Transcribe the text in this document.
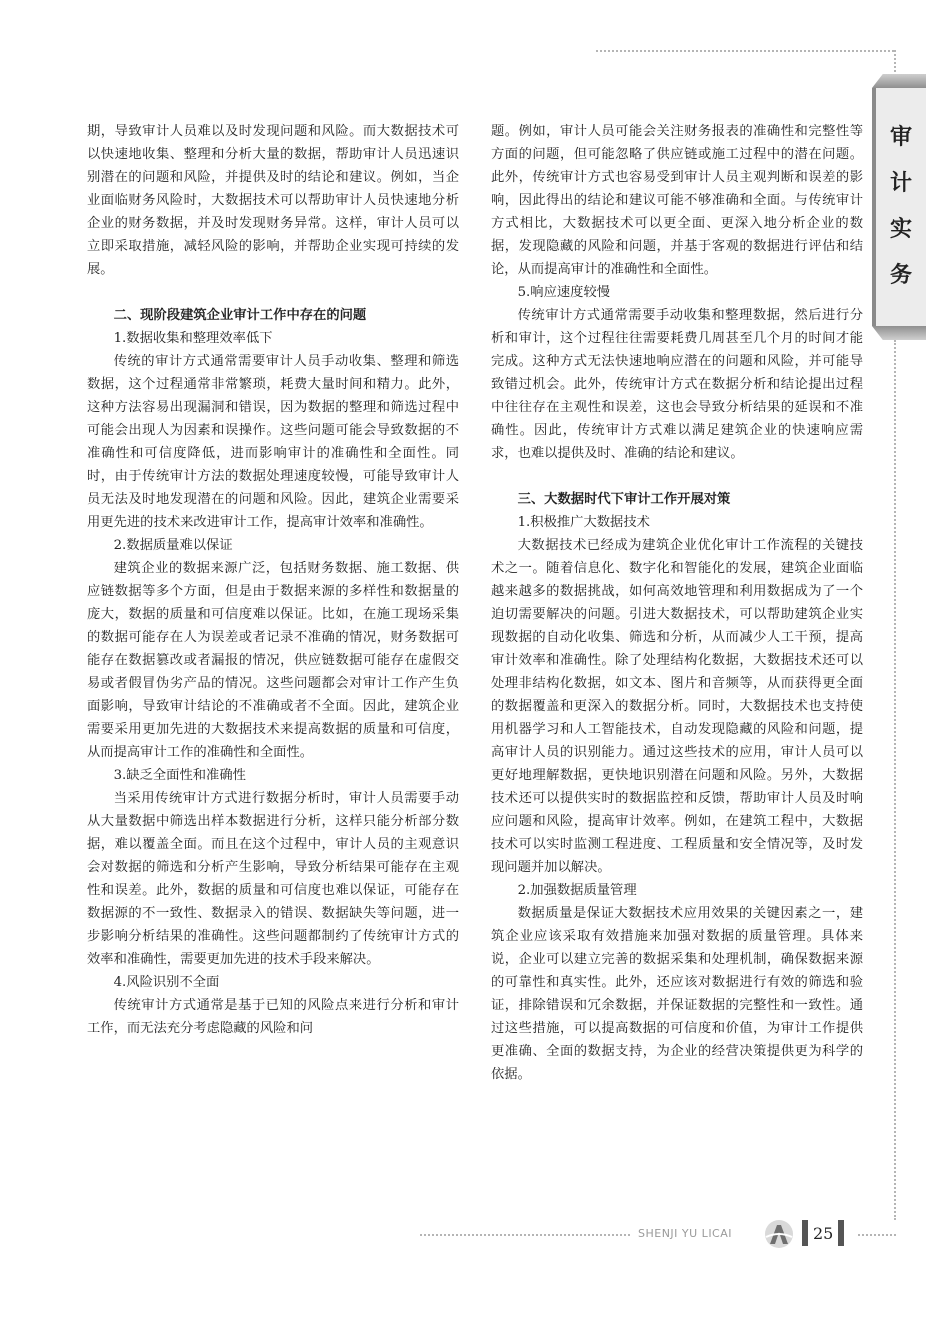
审
计
实
务

期，导致审计人员难以及时发现问题和风险。而大数据技术可以快速地收集、整理和分析大量的数据，帮助审计人员迅速识别潜在的问题和风险，并提供及时的结论和建议。例如，当企业面临财务风险时，大数据技术可以帮助审计人员快速地分析企业的财务数据，并及时发现财务异常。这样，审计人员可以立即采取措施，减轻风险的影响，并帮助企业实现可持续的发展。

二、现阶段建筑企业审计工作中存在的问题
1.数据收集和整理效率低下

传统的审计方式通常需要审计人员手动收集、整理和筛选数据，这个过程通常非常繁琐，耗费大量时间和精力。此外，这种方法容易出现漏洞和错误，因为数据的整理和筛选过程中可能会出现人为因素和误操作。这些问题可能会导致数据的不准确性和可信度降低，进而影响审计的准确性和全面性。同时，由于传统审计方法的数据处理速度较慢，可能导致审计人员无法及时地发现潜在的问题和风险。因此，建筑企业需要采用更先进的技术来改进审计工作，提高审计效率和准确性。

2.数据质量难以保证

建筑企业的数据来源广泛，包括财务数据、施工数据、供应链数据等多个方面，但是由于数据来源的多样性和数据量的庞大，数据的质量和可信度难以保证。比如，在施工现场采集的数据可能存在人为误差或者记录不准确的情况，财务数据可能存在数据篡改或者漏报的情况，供应链数据可能存在虚假交易或者假冒伪劣产品的情况。这些问题都会对审计工作产生负面影响，导致审计结论的不准确或者不全面。因此，建筑企业需要采用更加先进的大数据技术来提高数据的质量和可信度，从而提高审计工作的准确性和全面性。

3.缺乏全面性和准确性

当采用传统审计方式进行数据分析时，审计人员需要手动从大量数据中筛选出样本数据进行分析，这样只能分析部分数据，难以覆盖全面。而且在这个过程中，审计人员的主观意识会对数据的筛选和分析产生影响，导致分析结果可能存在主观性和误差。此外，数据的质量和可信度也难以保证，可能存在数据源的不一致性、数据录入的错误、数据缺失等问题，进一步影响分析结果的准确性。这些问题都制约了传统审计方式的效率和准确性，需要更加先进的技术手段来解决。

4.风险识别不全面

传统审计方式通常是基于已知的风险点来进行分析和审计工作，而无法充分考虑隐藏的风险和问

题。例如，审计人员可能会关注财务报表的准确性和完整性等方面的问题，但可能忽略了供应链或施工过程中的潜在问题。此外，传统审计方式也容易受到审计人员主观判断和误差的影响，因此得出的结论和建议可能不够准确和全面。与传统审计方式相比，大数据技术可以更全面、更深入地分析企业的数据，发现隐藏的风险和问题，并基于客观的数据进行评估和结论，从而提高审计的准确性和全面性。

5.响应速度较慢

传统审计方式通常需要手动收集和整理数据，然后进行分析和审计，这个过程往往需要耗费几周甚至几个月的时间才能完成。这种方式无法快速地响应潜在的问题和风险，并可能导致错过机会。此外，传统审计方式在数据分析和结论提出过程中往往存在主观性和误差，这也会导致分析结果的延误和不准确性。因此，传统审计方式难以满足建筑企业的快速响应需求，也难以提供及时、准确的结论和建议。

三、大数据时代下审计工作开展对策
1.积极推广大数据技术

大数据技术已经成为建筑企业优化审计工作流程的关键技术之一。随着信息化、数字化和智能化的发展，建筑企业面临越来越多的数据挑战，如何高效地管理和利用数据成为了一个迫切需要解决的问题。引进大数据技术，可以帮助建筑企业实现数据的自动化收集、筛选和分析，从而减少人工干预，提高审计效率和准确性。除了处理结构化数据，大数据技术还可以处理非结构化数据，如文本、图片和音频等，从而获得更全面的数据覆盖和更深入的数据分析。同时，大数据技术也支持使用机器学习和人工智能技术，自动发现隐藏的风险和问题，提高审计人员的识别能力。通过这些技术的应用，审计人员可以更好地理解数据，更快地识别潜在问题和风险。另外，大数据技术还可以提供实时的数据监控和反馈，帮助审计人员及时响应问题和风险，提高审计效率。例如，在建筑工程中，大数据技术可以实时监测工程进度、工程质量和安全情况等，及时发现问题并加以解决。

2.加强数据质量管理

数据质量是保证大数据技术应用效果的关键因素之一，建筑企业应该采取有效措施来加强对数据的质量管理。具体来说，企业可以建立完善的数据采集和处理机制，确保数据来源的可靠性和真实性。此外，还应该对数据进行有效的筛选和验证，排除错误和冗余数据，并保证数据的完整性和一致性。通过这些措施，可以提高数据的可信度和价值，为审计工作提供更准确、全面的数据支持，为企业的经营决策提供更为科学的依据。

SHENJI YU LICAI	25
